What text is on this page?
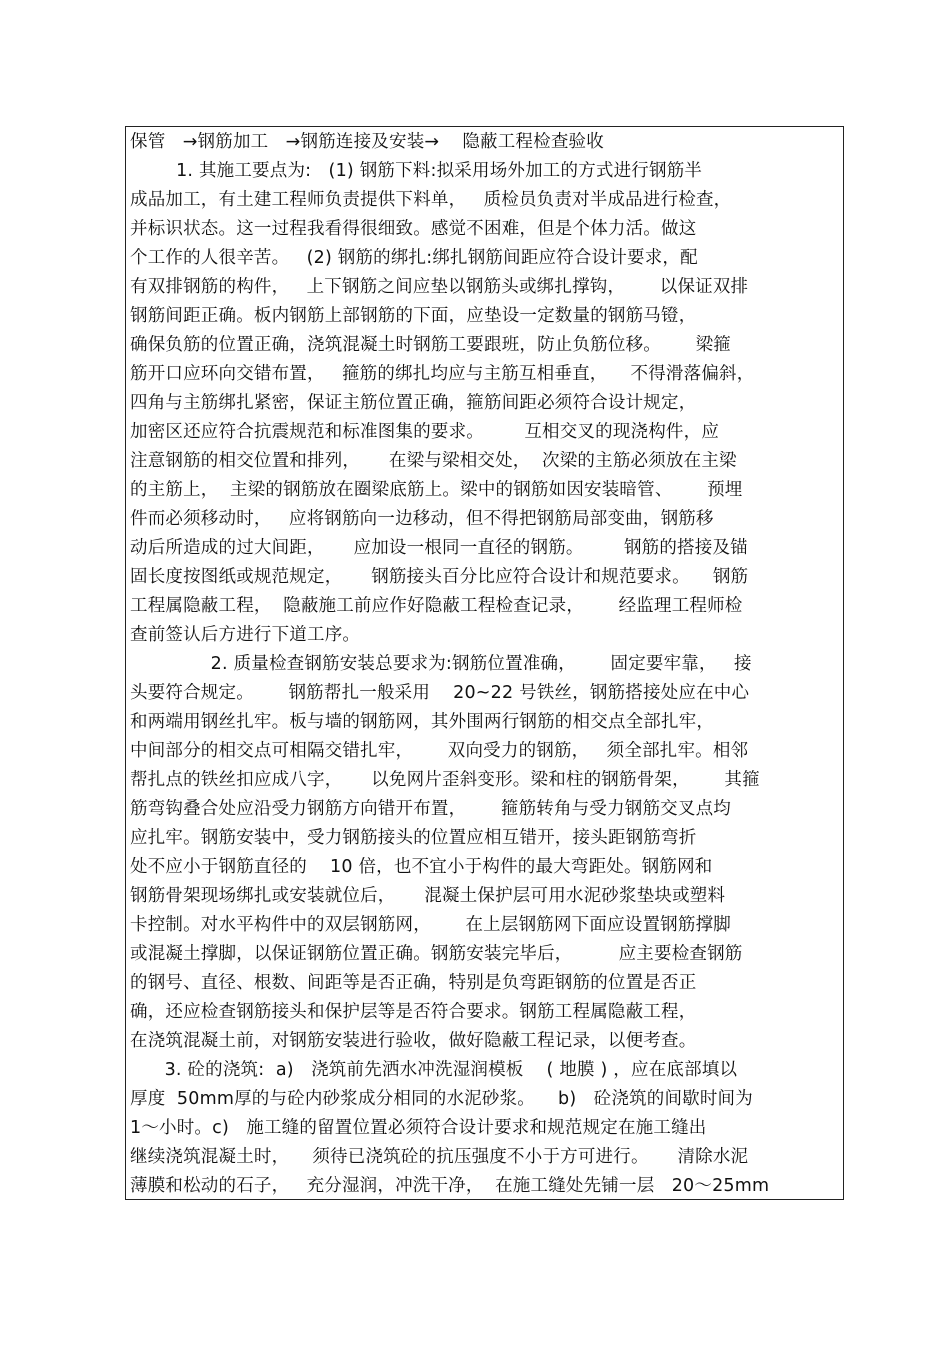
保管   →钢筋加工   →钢筋连接及安装→    隐蔽工程检查验收
1. 其施工要点为:   (1) 钢筋下料:拟采用场外加工的方式进行钢筋半
成品加工，有土建工程师负责提供下料单，   质检员负责对半成品进行检查，
并标识状态。这一过程我看得很细致。感觉不困难，但是个体力活。做这
个工作的人很辛苦。   (2) 钢筋的绑扎:绑扎钢筋间距应符合设计要求，配
有双排钢筋的构件，   上下钢筋之间应垫以钢筋头或绑扎撑钩，      以保证双排
钢筋间距正确。板内钢筋上部钢筋的下面，应垫设一定数量的钢筋马镫，
确保负筋的位置正确，浇筑混凝土时钢筋工要跟班，防止负筋位移。      梁箍
筋开口应环向交错布置，   箍筋的绑扎均应与主筋互相垂直，    不得滑落偏斜，
四角与主筋绑扎紧密，保证主筋位置正确，箍筋间距必须符合设计规定，
加密区还应符合抗震规范和标准图集的要求。       互相交叉的现浇构件，应
注意钢筋的相交位置和排列，     在梁与梁相交处，  次梁的主筋必须放在主梁
的主筋上，  主梁的钢筋放在圈梁底筋上。梁中的钢筋如因安装暗管、      预埋
件而必须移动时，   应将钢筋向一边移动，但不得把钢筋局部变曲，钢筋移
动后所造成的过大间距，     应加设一根同一直径的钢筋。       钢筋的搭接及锚
固长度按图纸或规范规定，     钢筋接头百分比应符合设计和规范要求。    钢筋
工程属隐蔽工程，  隐蔽施工前应作好隐蔽工程检查记录，      经监理工程师检
查前签认后方进行下道工序。
2. 质量检查钢筋安装总要求为:钢筋位置准确，      固定要牢靠，   接
头要符合规定。      钢筋帮扎一般采用    20~22 号铁丝，钢筋搭接处应在中心
和两端用钢丝扎牢。板与墙的钢筋网，其外围两行钢筋的相交点全部扎牢，
中间部分的相交点可相隔交错扎牢，      双向受力的钢筋，   须全部扎牢。相邻
帮扎点的铁丝扣应成八字，     以免网片歪斜变形。梁和柱的钢筋骨架，      其箍
筋弯钩叠合处应沿受力钢筋方向错开布置，      箍筋转角与受力钢筋交叉点均
应扎牢。钢筋安装中，受力钢筋接头的位置应相互错开，接头距钢筋弯折
处不应小于钢筋直径的    10 倍，也不宜小于构件的最大弯距处。钢筋网和
钢筋骨架现场绑扎或安装就位后，     混凝土保护层可用水泥砂浆垫块或塑料
卡控制。对水平构件中的双层钢筋网，      在上层钢筋网下面应设置钢筋撑脚
或混凝土撑脚，以保证钢筋位置正确。钢筋安装完毕后，        应主要检查钢筋
的钢号、直径、根数、间距等是否正确，特别是负弯距钢筋的位置是否正
确，还应检查钢筋接头和保护层等是否符合要求。钢筋工程属隐蔽工程，
在浇筑混凝土前，对钢筋安装进行验收，做好隐蔽工程记录，以便考查。
3. 砼的浇筑:  a)   浇筑前先洒水冲洗湿润模板    ( 地膜 ) ，应在底部填以
厚度  50mm厚的与砼内砂浆成分相同的水泥砂浆。    b)   砼浇筑的间歇时间为
1～小时。c)   施工缝的留置位置必须符合设计要求和规范规定在施工缝出
继续浇筑混凝土时，    须待已浇筑砼的抗压强度不小于方可进行。     清除水泥
薄膜和松动的石子，   充分湿润，冲洗干净，  在施工缝处先铺一层   20～25mm
